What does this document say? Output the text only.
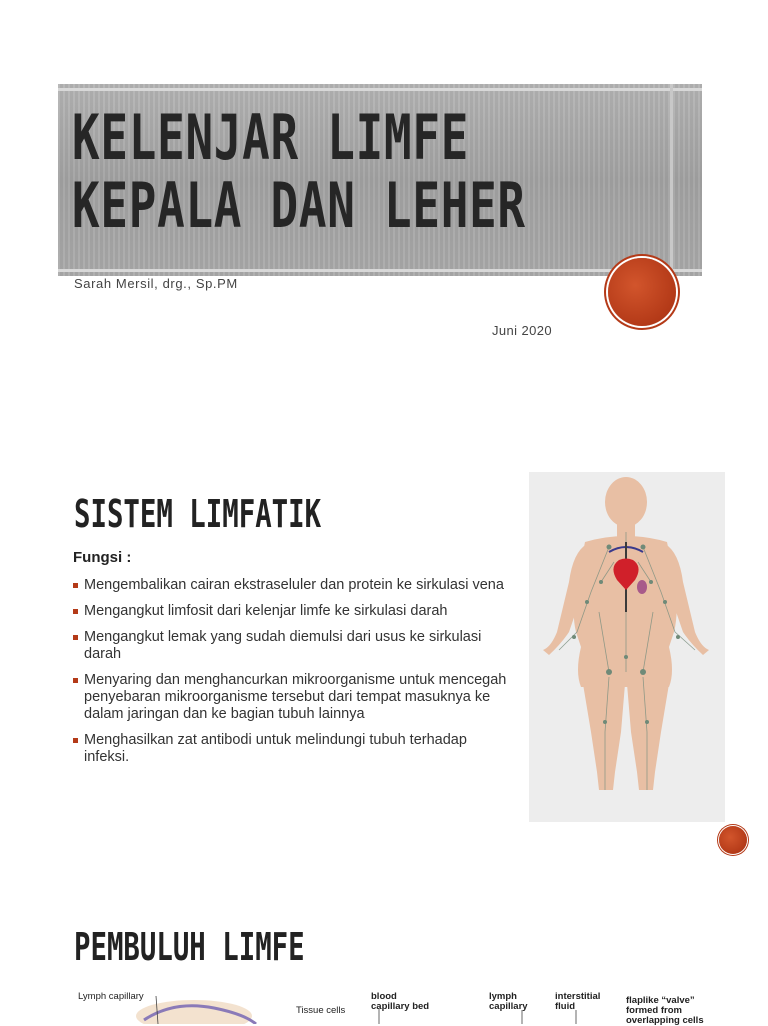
KELENJAR LIMFE
KEPALA DAN LEHER
Sarah Mersil, drg., Sp.PM
Juni 2020
SISTEM LIMFATIK
Fungsi :
Mengembalikan cairan ekstraseluler dan protein ke sirkulasi vena
Mengangkut limfosit dari kelenjar limfe ke sirkulasi darah
Mengangkut lemak yang sudah diemulsi dari usus ke sirkulasi darah
Menyaring dan menghancurkan mikroorganisme untuk mencegah penyebaran mikroorganisme tersebut dari tempat masuknya ke dalam jaringan dan ke bagian tubuh lainnya
Menghasilkan zat antibodi untuk melindungi tubuh terhadap infeksi.
PEMBULUH LIMFE
Lymph capillary
Tissue cells
blood
capillary bed
lymph
capillary
interstitial
fluid
flaplike “valve”
formed from
overlapping cells
